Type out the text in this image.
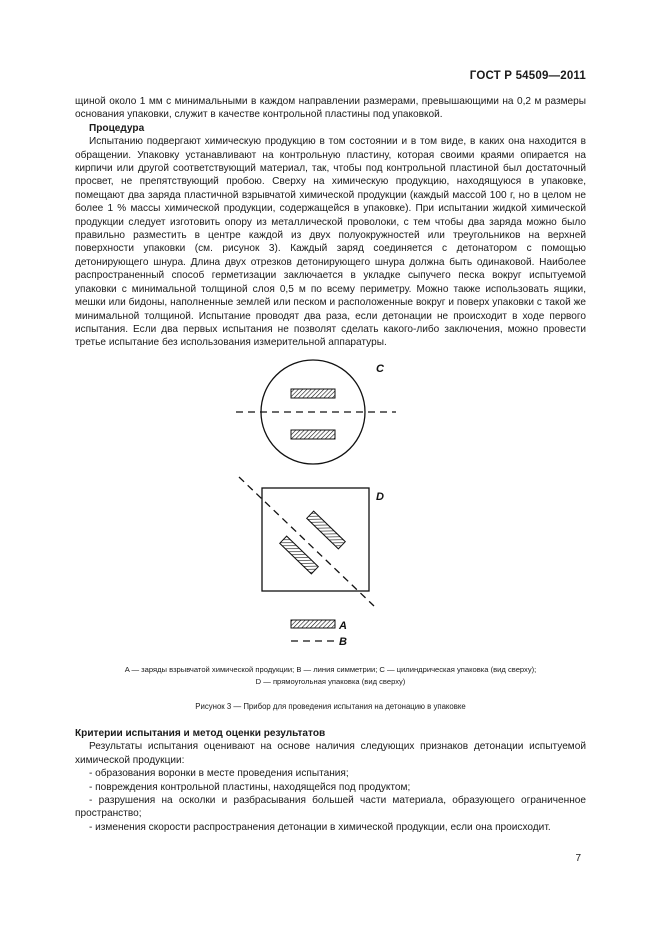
ГОСТ Р 54509—2011

щиной около 1 мм с минимальными в каждом направлении размерами, превышающими на 0,2 м размеры основания упаковки, служит в качестве контрольной пластины под упаковкой.

Процедура

Испытанию подвергают химическую продукцию в том состоянии и в том виде, в каких она находится в обращении. Упаковку устанавливают на контрольную пластину, которая своими краями опирается на кирпичи или другой соответствующий материал, так, чтобы под контрольной пластиной был достаточный просвет, не препятствующий пробою. Сверху на химическую продукцию, находящуюся в упаковке, помещают два заряда пластичной взрывчатой химической продукции (каждый массой 100 г, но в целом не более 1 % массы химической продукции, содержащейся в упаковке). При испытании жидкой химической продукции следует изготовить опору из металлической проволоки, с тем чтобы два заряда можно было правильно разместить в центре каждой из двух полуокружностей или треугольников на верхней поверхности упаковки (см. рисунок 3). Каждый заряд соединяется с детонатором с помощью детонирующего шнура. Длина двух отрезков детонирующего шнура должна быть одинаковой. Наиболее распространенный способ герметизации заключается в укладке сыпучего песка вокруг испытуемой упаковки с минимальной толщиной слоя 0,5 м по всему периметру. Можно также использовать ящики, мешки или бидоны, наполненные землей или песком и расположенные вокруг и поверх упаковки с такой же минимальной толщиной. Испытание проводят два раза, если детонации не происходит в ходе первого испытания. Если два первых испытания не позволят сделать какого-либо заключения, можно провести третье испытание без использования измерительной аппаратуры.

C
D
A
B
A — заряды взрывчатой химической продукции; B — линия симметрии; C — цилиндрическая упаковка (вид сверху);
D — прямоугольная упаковка (вид сверху)
Рисунок 3 — Прибор для проведения испытания на детонацию в упаковке

Критерии испытания и метод оценки результатов

Результаты испытания оценивают на основе наличия следующих признаков детонации испытуемой химической продукции:

- образования воронки в месте проведения испытания;

- повреждения контрольной пластины, находящейся под продуктом;

- разрушения на осколки и разбрасывания большей части материала, образующего ограниченное пространство;

- изменения скорости распространения детонации в химической продукции, если она происходит.

7
